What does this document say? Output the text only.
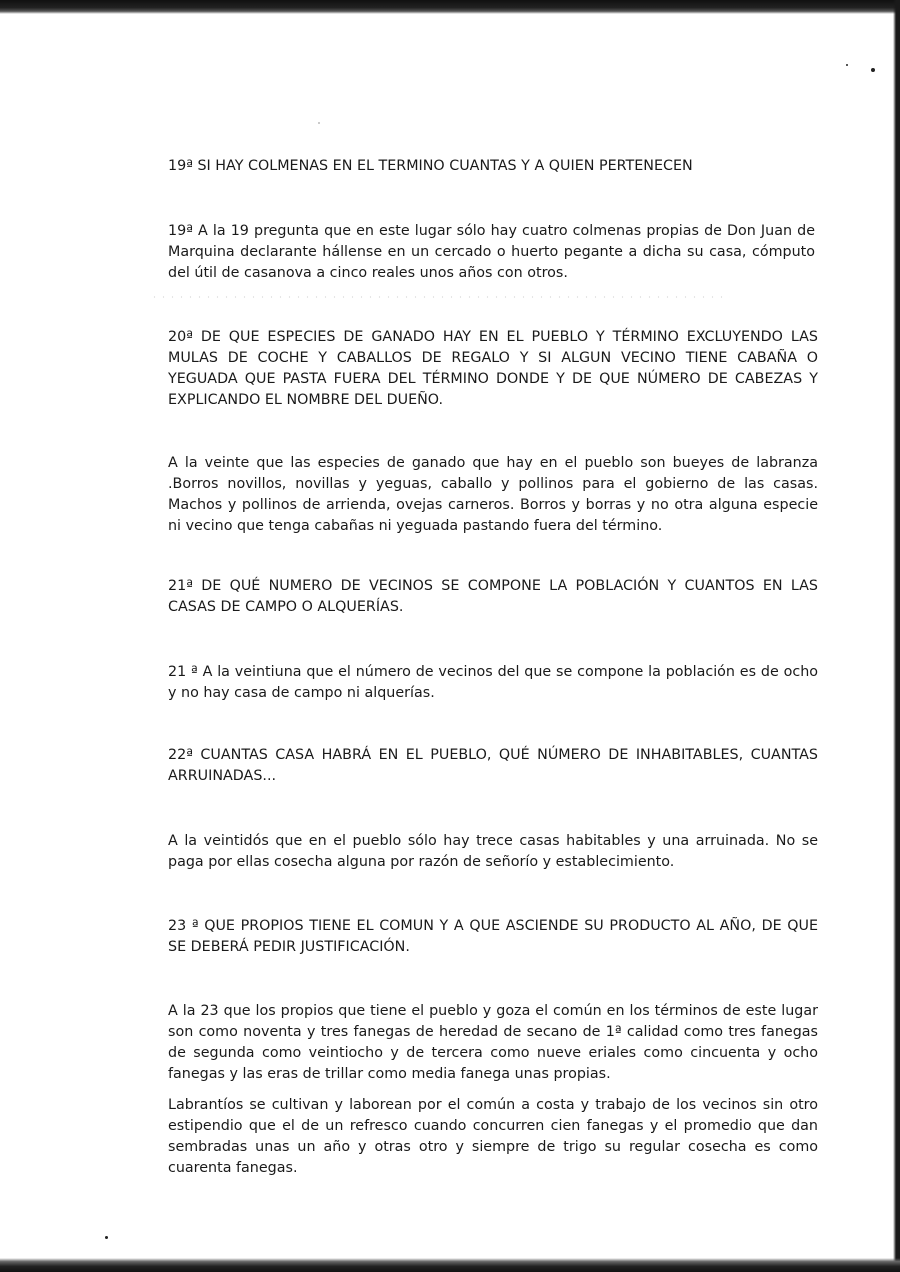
19ª SI HAY COLMENAS EN EL TERMINO CUANTAS Y A QUIEN PERTENECEN

19ª A la 19 pregunta que en este lugar sólo hay cuatro colmenas propias de Don Juan de Marquina declarante hállense en un cercado o huerto pegante a dicha su casa, cómputo del útil de casanova a cinco reales unos años con otros.

20ª DE QUE ESPECIES DE GANADO HAY EN EL PUEBLO Y TÉRMINO EXCLUYENDO LAS MULAS DE COCHE Y CABALLOS DE REGALO Y SI ALGUN VECINO TIENE CABAÑA O YEGUADA QUE PASTA FUERA DEL TÉRMINO DONDE Y DE QUE NÚMERO DE CABEZAS Y EXPLICANDO EL NOMBRE DEL DUEÑO.

A la veinte que las especies de ganado que hay en el pueblo son bueyes de labranza .Borros novillos, novillas y yeguas, caballo y pollinos para el gobierno de las casas. Machos y pollinos de arrienda, ovejas carneros. Borros y borras y no otra alguna especie ni vecino que tenga cabañas ni yeguada pastando fuera del término.

21ª DE QUÉ NUMERO DE VECINOS SE COMPONE LA POBLACIÓN Y CUANTOS EN LAS CASAS DE CAMPO O ALQUERÍAS.

21 ª A la veintiuna que el número de vecinos del que se compone la población es de ocho y no hay casa de campo ni alquerías.

22ª CUANTAS CASA HABRÁ EN EL PUEBLO, QUÉ NÚMERO DE INHABITABLES, CUANTAS ARRUINADAS...

A la veintidós que en el pueblo sólo hay trece casas habitables y una arruinada. No se paga por ellas cosecha alguna por razón de señorío y establecimiento.

23 ª QUE PROPIOS TIENE EL COMUN Y A QUE ASCIENDE SU PRODUCTO AL AÑO, DE QUE SE DEBERÁ PEDIR JUSTIFICACIÓN.

A la 23 que los propios que tiene el pueblo y goza el común en los términos de este lugar son como noventa y tres fanegas de heredad de secano de 1ª calidad como tres fanegas de segunda como veintiocho y de tercera como nueve eriales como cincuenta y ocho fanegas y las eras de trillar como media fanega unas propias.

Labrantíos se cultivan y laborean por el común a costa y trabajo de los vecinos sin otro estipendio que el de un refresco cuando concurren cien fanegas y el promedio que dan sembradas unas un año y otras otro y siempre de trigo su regular cosecha es como cuarenta fanegas.
